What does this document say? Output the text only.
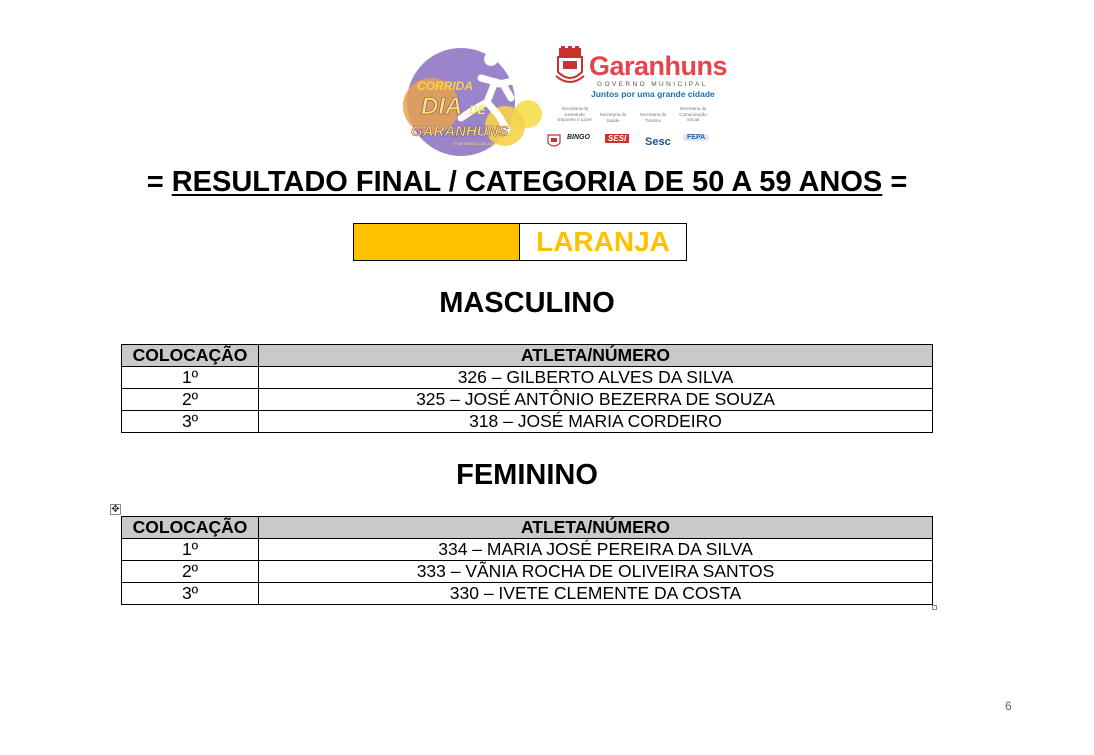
CORRIDA
DIA DE
GARANHUNS
1º DE MARÇO DE 2018
Garanhuns
GOVERNO MUNICIPAL
Juntos por uma grande cidade
Secretaria de Juventude, Esportes e Lazer
Secretaria de Saúde
Secretaria de Turismo
Secretaria de Comunicação Social
BINGO	SESI Sesc	FEPA
= RESULTADO FINAL / CATEGORIA DE 50 A 59 ANOS =
LARANJA
MASCULINO
COLOCAÇÃO	ATLETA/NÚMERO
1º	326 – GILBERTO ALVES DA SILVA
2º	325 – JOSÉ ANTÔNIO BEZERRA DE SOUZA
3º	318 – JOSÉ MARIA CORDEIRO
FEMININO
✥
COLOCAÇÃO	ATLETA/NÚMERO
1º	334 – MARIA JOSÉ PEREIRA DA SILVA
2º	333 – VÃNIA ROCHA DE OLIVEIRA SANTOS
3º	330 – IVETE CLEMENTE DA COSTA
6
